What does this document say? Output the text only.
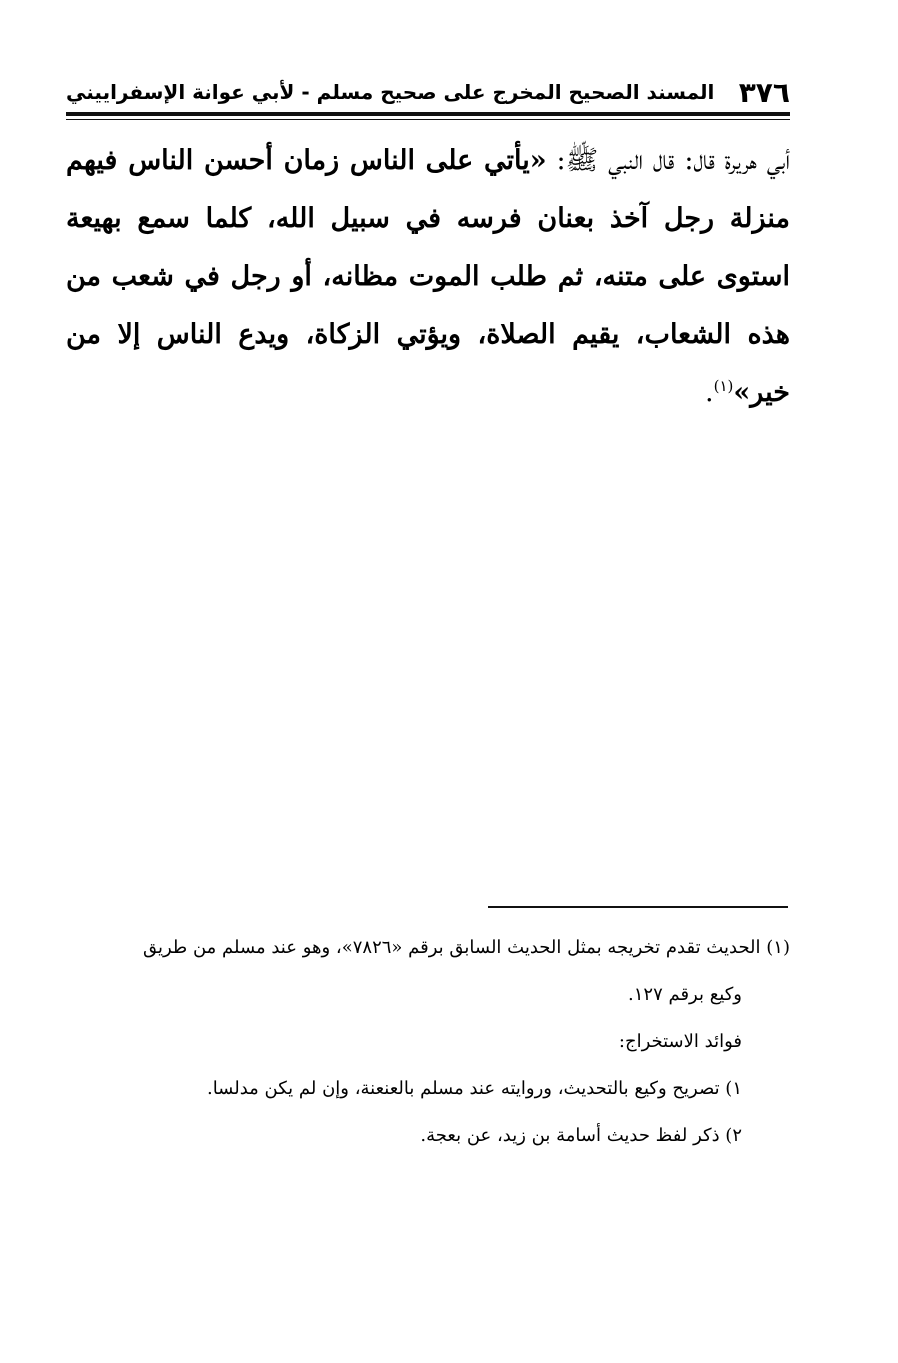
٣٧٦
المسند الصحيح المخرج على صحيح مسلم - لأبي عوانة الإسفراييني
أبي هريرة قال: قال النبي ﷺ: «يأتي على الناس زمان أحسن الناس فيهم منزلة رجل آخذ بعنان فرسه في سبيل الله، كلما سمع بهيعة استوى على متنه، ثم طلب الموت مظانه، أو رجل في شعب من هذه الشعاب، يقيم الصلاة، ويؤتي الزكاة، ويدع الناس إلا من خير»$^{(١)}$.
(١) الحديث تقدم تخريجه بمثل الحديث السابق برقم «٧٨٢٦»، وهو عند مسلم من طريق
وكيع برقم ١٢٧.
فوائد الاستخراج:
١) تصريح وكيع بالتحديث، وروايته عند مسلم بالعنعنة، وإن لم يكن مدلسا.
٢) ذكر لفظ حديث أسامة بن زيد، عن بعجة.
